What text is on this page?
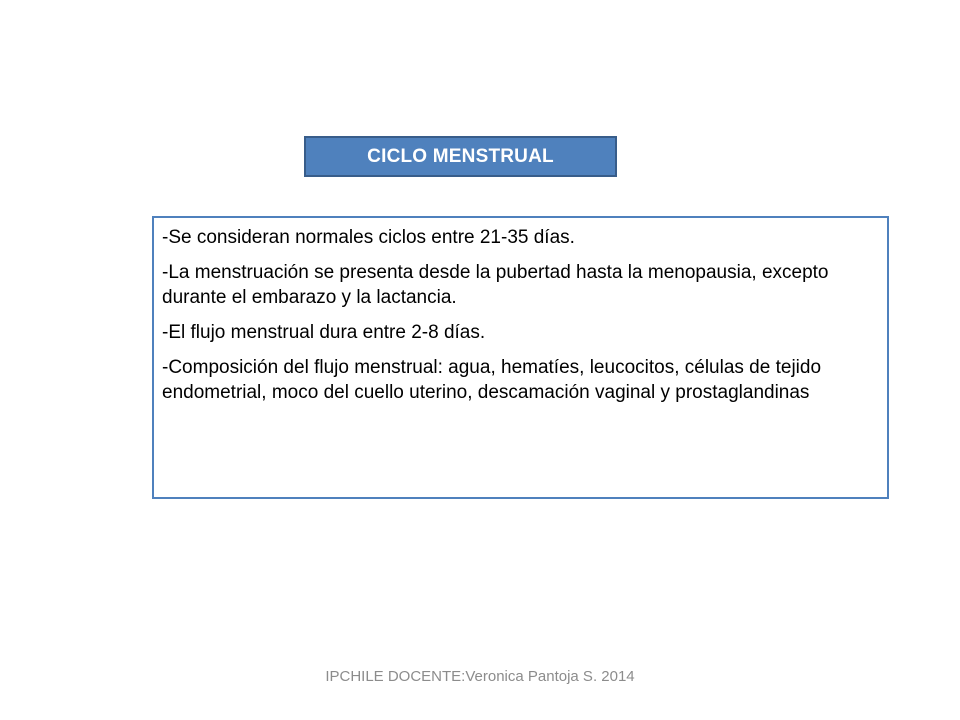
CICLO MENSTRUAL

-Se consideran normales ciclos entre 21-35 días.

-La menstruación se presenta desde la pubertad hasta la menopausia, excepto durante el embarazo y la lactancia.

-El flujo menstrual dura entre 2-8 días.

-Composición del flujo menstrual: agua, hematíes, leucocitos, células de tejido endometrial, moco del cuello uterino, descamación vaginal y prostaglandinas

IPCHILE DOCENTE:Veronica Pantoja S. 2014
